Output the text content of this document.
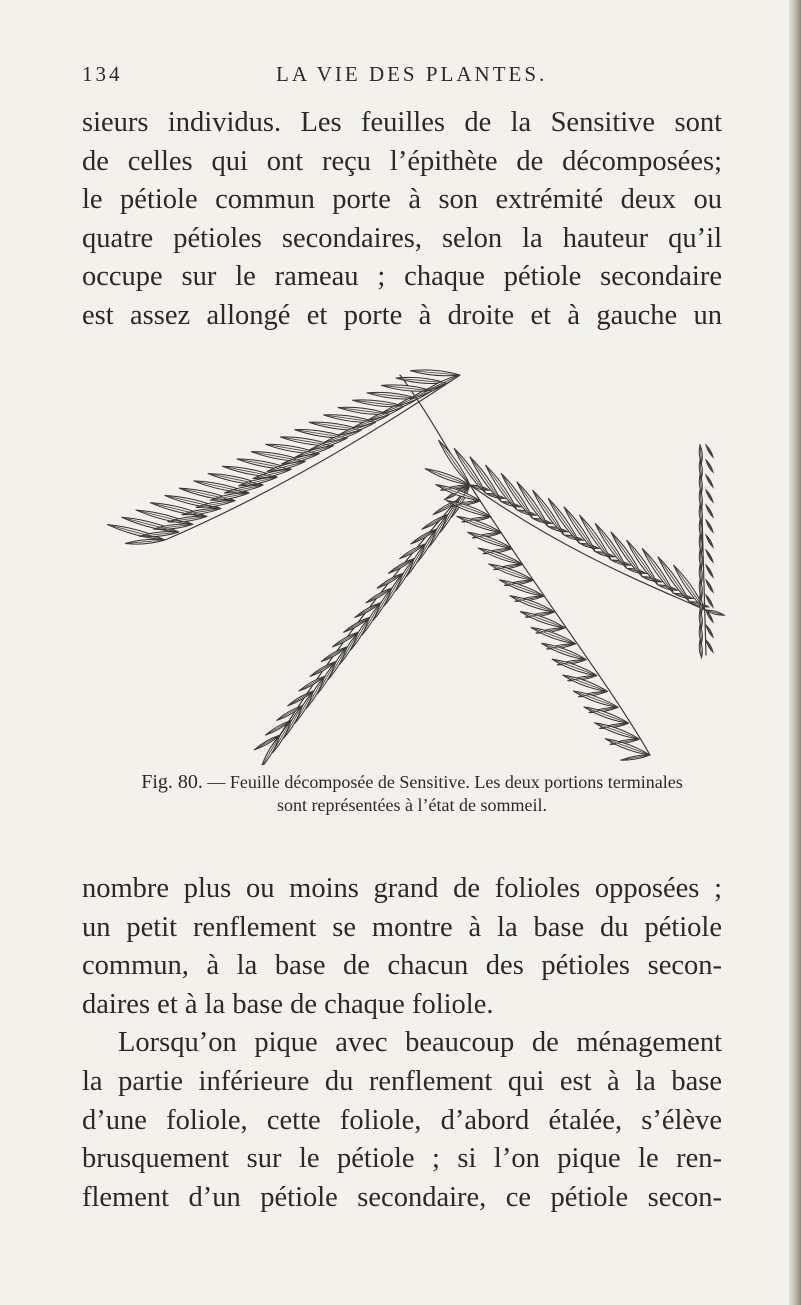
134	LA VIE DES PLANTES.
sieurs individus. Les feuilles de la Sensitive sont
de celles qui ont reçu l’épithète de décomposées;
le pétiole commun porte à son extrémité deux ou
quatre pétioles secondaires, selon la hauteur qu’il
occupe sur le rameau ; chaque pétiole secondaire
est assez allongé et porte à droite et à gauche un
Fig. 80. — Feuille décomposée de Sensitive. Les deux portions terminales
sont représentées à l’état de sommeil.
nombre plus ou moins grand de folioles opposées ;
un petit renflement se montre à la base du pétiole
commun, à la base de chacun des pétioles secon-
daires et à la base de chaque foliole.
Lorsqu’on pique avec beaucoup de ménagement
la partie inférieure du renflement qui est à la base
d’une foliole, cette foliole, d’abord étalée, s’élève
brusquement sur le pétiole ; si l’on pique le ren-
flement d’un pétiole secondaire, ce pétiole secon-
